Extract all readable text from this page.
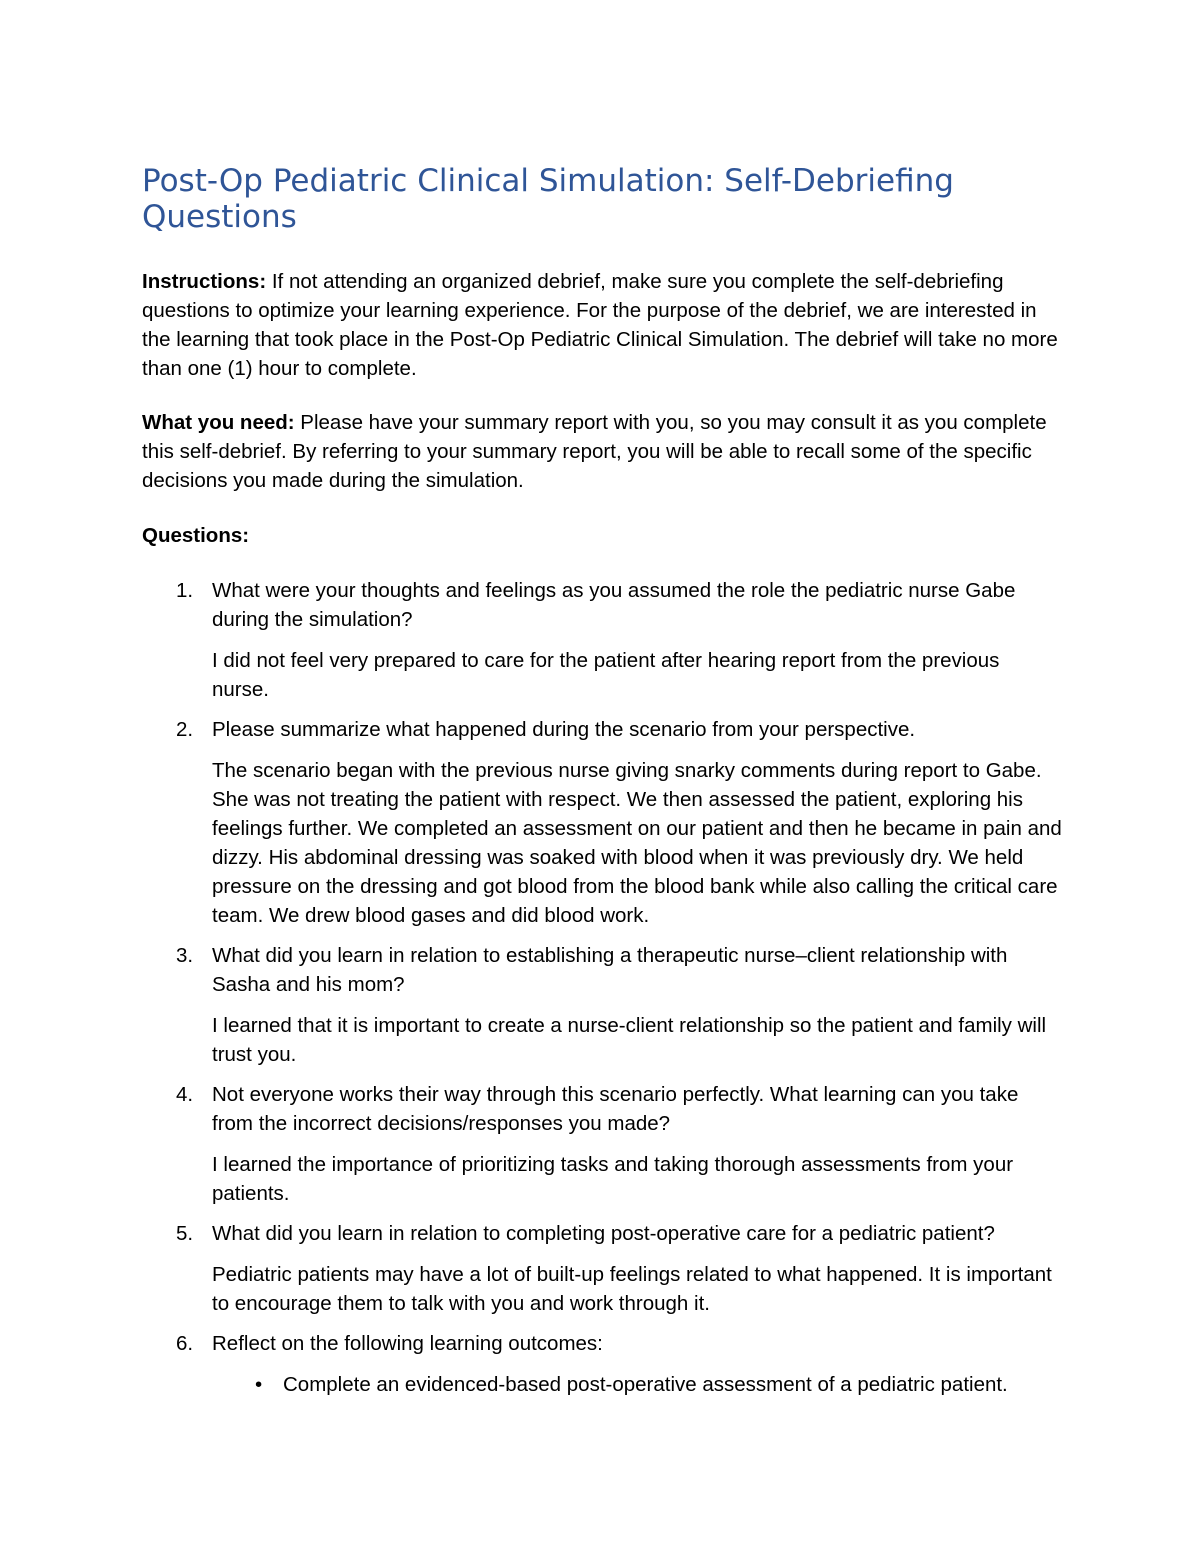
Post-Op Pediatric Clinical Simulation: Self-Debriefing Questions

Instructions: If not attending an organized debrief, make sure you complete the self-debriefing questions to optimize your learning experience. For the purpose of the debrief, we are interested in the learning that took place in the Post-Op Pediatric Clinical Simulation. The debrief will take no more than one (1) hour to complete.

What you need: Please have your summary report with you, so you may consult it as you complete this self-debrief. By referring to your summary report, you will be able to recall some of the specific decisions you made during the simulation.

Questions:

1. What were your thoughts and feelings as you assumed the role the pediatric nurse Gabe during the simulation?

I did not feel very prepared to care for the patient after hearing report from the previous nurse.

2. Please summarize what happened during the scenario from your perspective.

The scenario began with the previous nurse giving snarky comments during report to Gabe. She was not treating the patient with respect. We then assessed the patient, exploring his feelings further. We completed an assessment on our patient and then he became in pain and dizzy. His abdominal dressing was soaked with blood when it was previously dry. We held pressure on the dressing and got blood from the blood bank while also calling the critical care team. We drew blood gases and did blood work.

3. What did you learn in relation to establishing a therapeutic nurse–client relationship with Sasha and his mom?

I learned that it is important to create a nurse-client relationship so the patient and family will trust you.

4. Not everyone works their way through this scenario perfectly. What learning can you take from the incorrect decisions/responses you made?

I learned the importance of prioritizing tasks and taking thorough assessments from your patients.

5. What did you learn in relation to completing post-operative care for a pediatric patient?

Pediatric patients may have a lot of built-up feelings related to what happened. It is important to encourage them to talk with you and work through it.

6. Reflect on the following learning outcomes:

• Complete an evidenced-based post-operative assessment of a pediatric patient.
